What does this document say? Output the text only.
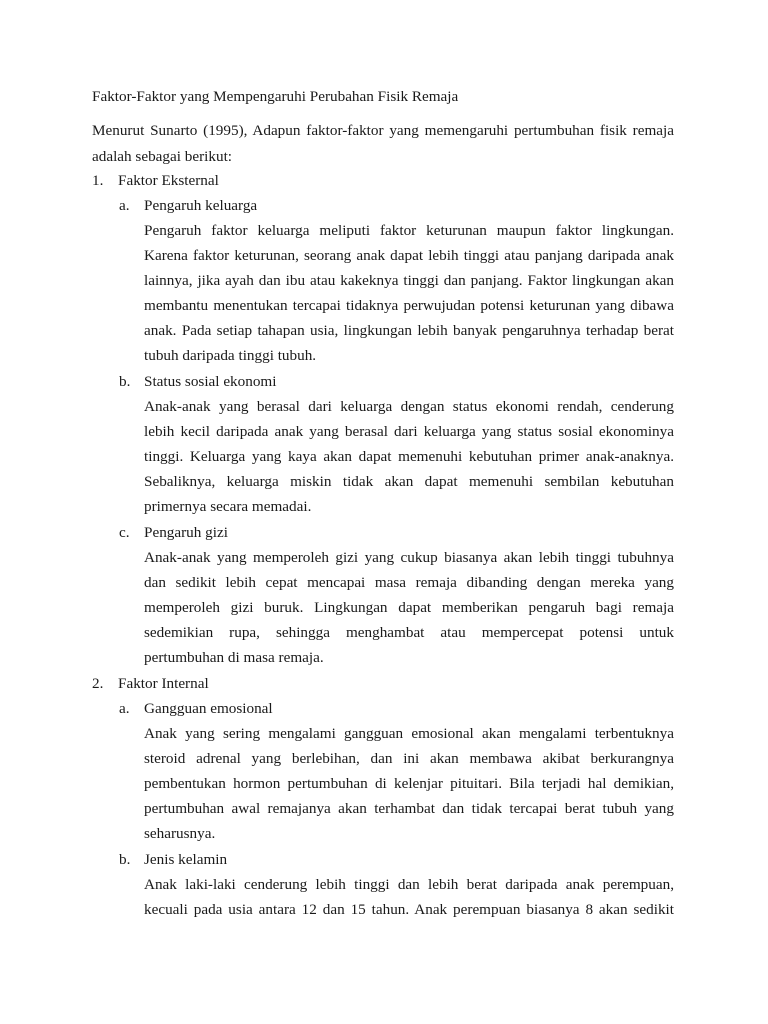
Faktor-Faktor yang Mempengaruhi Perubahan Fisik Remaja
Menurut Sunarto (1995), Adapun faktor-faktor yang memengaruhi pertumbuhan fisik remaja
adalah sebagai berikut:
1. Faktor Eksternal
a. Pengaruh keluarga
Pengaruh faktor keluarga meliputi faktor keturunan maupun faktor lingkungan.
Karena faktor keturunan, seorang anak dapat lebih tinggi atau panjang daripada anak
lainnya, jika ayah dan ibu atau kakeknya tinggi dan panjang. Faktor lingkungan akan
membantu menentukan tercapai tidaknya perwujudan potensi keturunan yang dibawa
anak. Pada setiap tahapan usia, lingkungan lebih banyak pengaruhnya terhadap berat
tubuh daripada tinggi tubuh.
b. Status sosial ekonomi
Anak-anak yang berasal dari keluarga dengan status ekonomi rendah, cenderung
lebih kecil daripada anak yang berasal dari keluarga yang status sosial ekonominya
tinggi. Keluarga yang kaya akan dapat memenuhi kebutuhan primer anak-anaknya.
Sebaliknya, keluarga miskin tidak akan dapat memenuhi sembilan kebutuhan
primernya secara memadai.
c. Pengaruh gizi
Anak-anak yang memperoleh gizi yang cukup biasanya akan lebih tinggi tubuhnya
dan sedikit lebih cepat mencapai masa remaja dibanding dengan mereka yang
memperoleh gizi buruk. Lingkungan dapat memberikan pengaruh bagi remaja
sedemikian rupa, sehingga menghambat atau mempercepat potensi untuk
pertumbuhan di masa remaja.
2. Faktor Internal
a. Gangguan emosional
Anak yang sering mengalami gangguan emosional akan mengalami terbentuknya
steroid adrenal yang berlebihan, dan ini akan membawa akibat berkurangnya
pembentukan hormon pertumbuhan di kelenjar pituitari. Bila terjadi hal demikian,
pertumbuhan awal remajanya akan terhambat dan tidak tercapai berat tubuh yang
seharusnya.
b. Jenis kelamin
Anak laki-laki cenderung lebih tinggi dan lebih berat daripada anak perempuan,
kecuali pada usia antara 12 dan 15 tahun. Anak perempuan biasanya 8 akan sedikit
